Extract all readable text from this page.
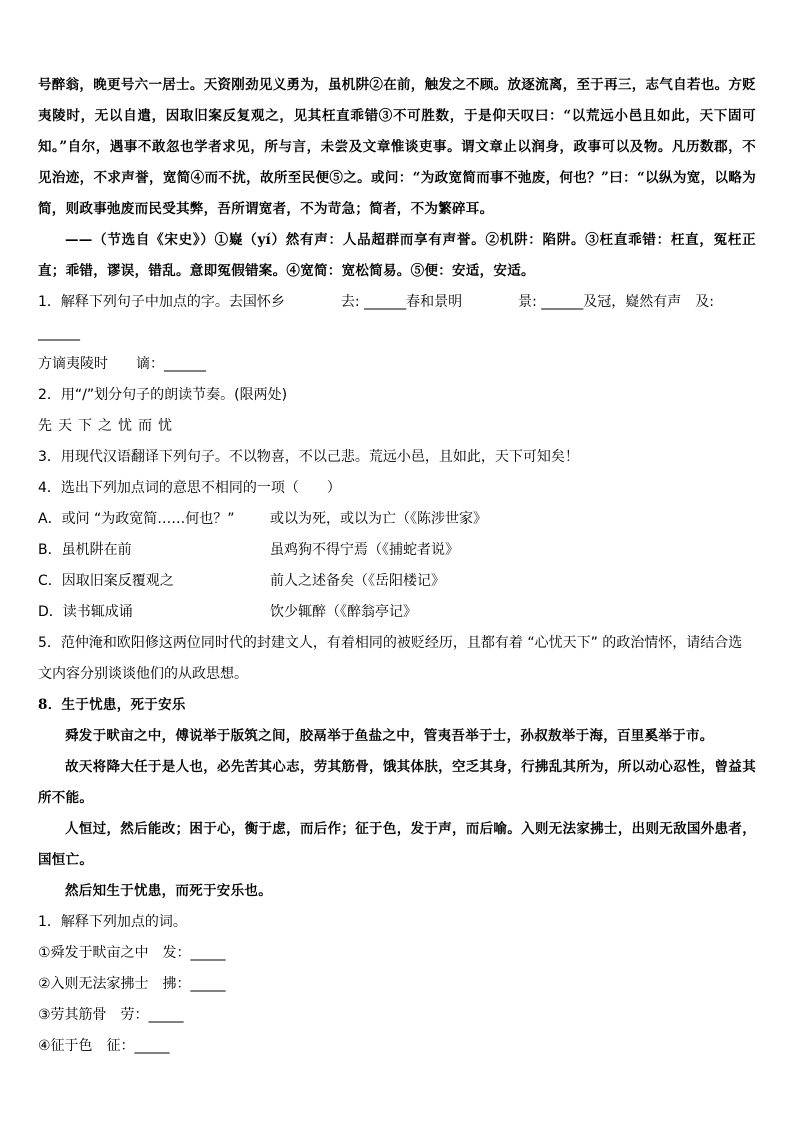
号醉翁，晚更号六一居士。天资刚劲见义勇为，虽机阱②在前，触发之不顾。放逐流离，至于再三，志气自若也。方贬夷陵时，无以自遣，因取旧案反复观之，见其枉直乖错③不可胜数，于是仰天叹曰：“以荒远小邑且如此，天下固可知。”自尔，遇事不敢忽也学者求见，所与言，未尝及文章惟谈吏事。谓文章止以润身，政事可以及物。凡历数郡，不见治迹，不求声誉，宽简④而不扰，故所至民便⑤之。或问：“为政宽简而事不弛废，何也？”曰：“以纵为宽，以略为简，则政事弛废而民受其弊，吾所谓宽者，不为苛急；简者，不为繁碎耳。

——（节选自《宋史》）①嶷（yí）然有声：人品超群而享有声誉。②机阱：陷阱。③枉直乖错：枉直，冤枉正直；乖错，谬误，错乱。意即冤假错案。④宽简：宽松简易。⑤便：安适，安适。

1．解释下列句子中加点的字。去国怀乡　　　　去: ______春和景明　　　　景: ______及冠，嶷然有声　及: ______

方谪夷陵时　　谪：______

2．用“/”划分句子的朗读节奏。(限两处)

先天下之忧而忧

3．用现代汉语翻译下列句子。不以物喜，不以己悲。荒远小邑，且如此，天下可知矣！

4．选出下列加点词的意思不相同的一项（　　）

A．或问 “为政宽简……何也？”	或以为死，或以为亡（《陈涉世家》
B．虽机阱在前	虽鸡狗不得宁焉（《捕蛇者说》
C．因取旧案反覆观之	前人之述备矣（《岳阳楼记》
D．读书辄成诵	饮少辄醉（《醉翁亭记》

5．范仲淹和欧阳修这两位同时代的封建文人，有着相同的被贬经历，且都有着 “心忧天下” 的政治情怀，请结合选文内容分别谈谈他们的从政思想。

8．生于忧患，死于安乐

舜发于畎亩之中，傅说举于版筑之间，胶鬲举于鱼盐之中，管夷吾举于士，孙叔敖举于海，百里奚举于市。

故天将降大任于是人也，必先苦其心志，劳其筋骨，饿其体肤，空乏其身，行拂乱其所为，所以动心忍性，曾益其所不能。

人恒过，然后能改；困于心，衡于虑，而后作；征于色，发于声，而后喻。入则无法家拂士，出则无敌国外患者，国恒亡。

然后知生于忧患，而死于安乐也。

1．解释下列加点的词。

①舜发于畎亩之中　发：_____

②入则无法家拂士　拂：_____

③劳其筋骨　劳：_____

④征于色　征：_____
